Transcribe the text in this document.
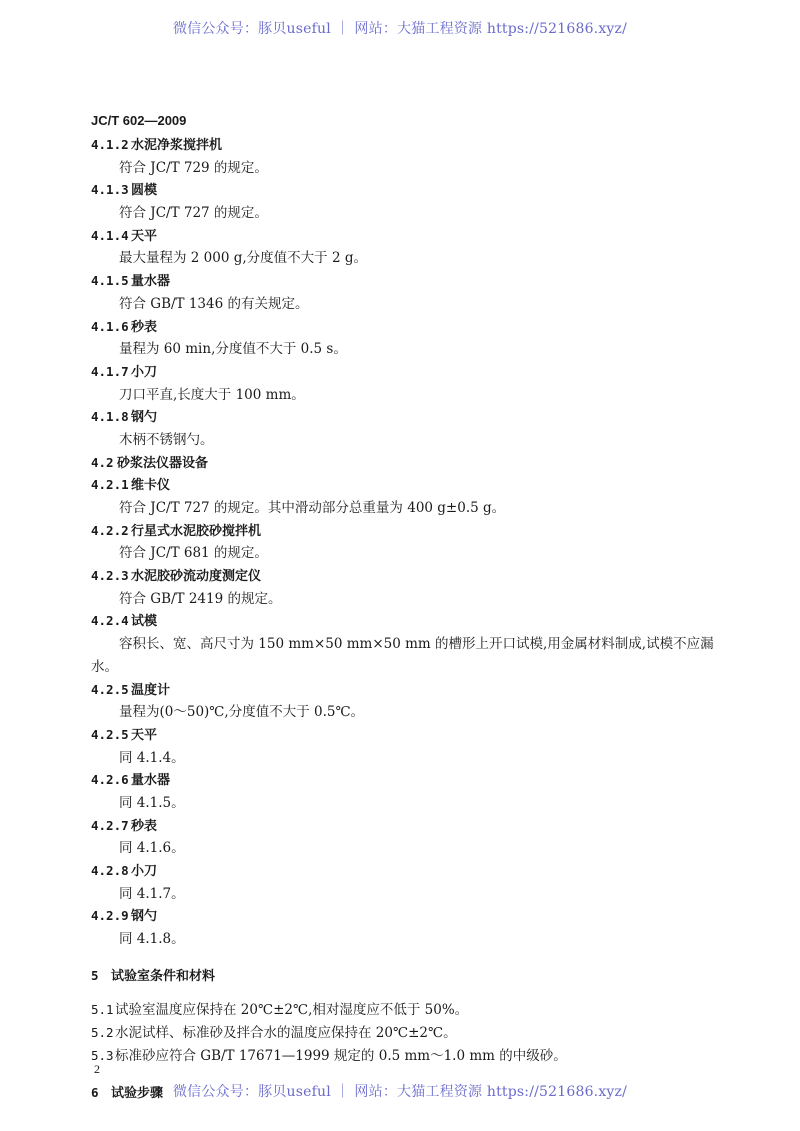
微信公众号：豚贝useful ｜ 网站：大猫工程资源 https://521686.xyz/
JC/T 602—2009
4.1.2 水泥净浆搅拌机
符合 JC/T 729 的规定。
4.1.3 圆模
符合 JC/T 727 的规定。
4.1.4 天平
最大量程为 2 000 g,分度值不大于 2 g。
4.1.5 量水器
符合 GB/T 1346 的有关规定。
4.1.6 秒表
量程为 60 min,分度值不大于 0.5 s。
4.1.7 小刀
刀口平直,长度大于 100 mm。
4.1.8 钢勺
木柄不锈钢勺。
4.2 砂浆法仪器设备
4.2.1 维卡仪
符合 JC/T 727 的规定。其中滑动部分总重量为 400 g±0.5 g。
4.2.2 行星式水泥胶砂搅拌机
符合 JC/T 681 的规定。
4.2.3 水泥胶砂流动度测定仪
符合 GB/T 2419 的规定。
4.2.4 试模
容积长、宽、高尺寸为 150 mm×50 mm×50 mm 的槽形上开口试模,用金属材料制成,试模不应漏
水。
4.2.5 温度计
量程为(0～50)℃,分度值不大于 0.5℃。
4.2.5 天平
同 4.1.4。
4.2.6 量水器
同 4.1.5。
4.2.7 秒表
同 4.1.6。
4.2.8 小刀
同 4.1.7。
4.2.9 钢勺
同 4.1.8。
5 试验室条件和材料
5.1试验室温度应保持在 20℃±2℃,相对湿度应不低于 50%。
5.2水泥试样、标准砂及拌合水的温度应保持在 20℃±2℃。
5.3标准砂应符合 GB/T 17671—1999 规定的 0.5 mm～1.0 mm 的中级砂。
6 试验步骤
2
微信公众号：豚贝useful ｜ 网站：大猫工程资源 https://521686.xyz/
